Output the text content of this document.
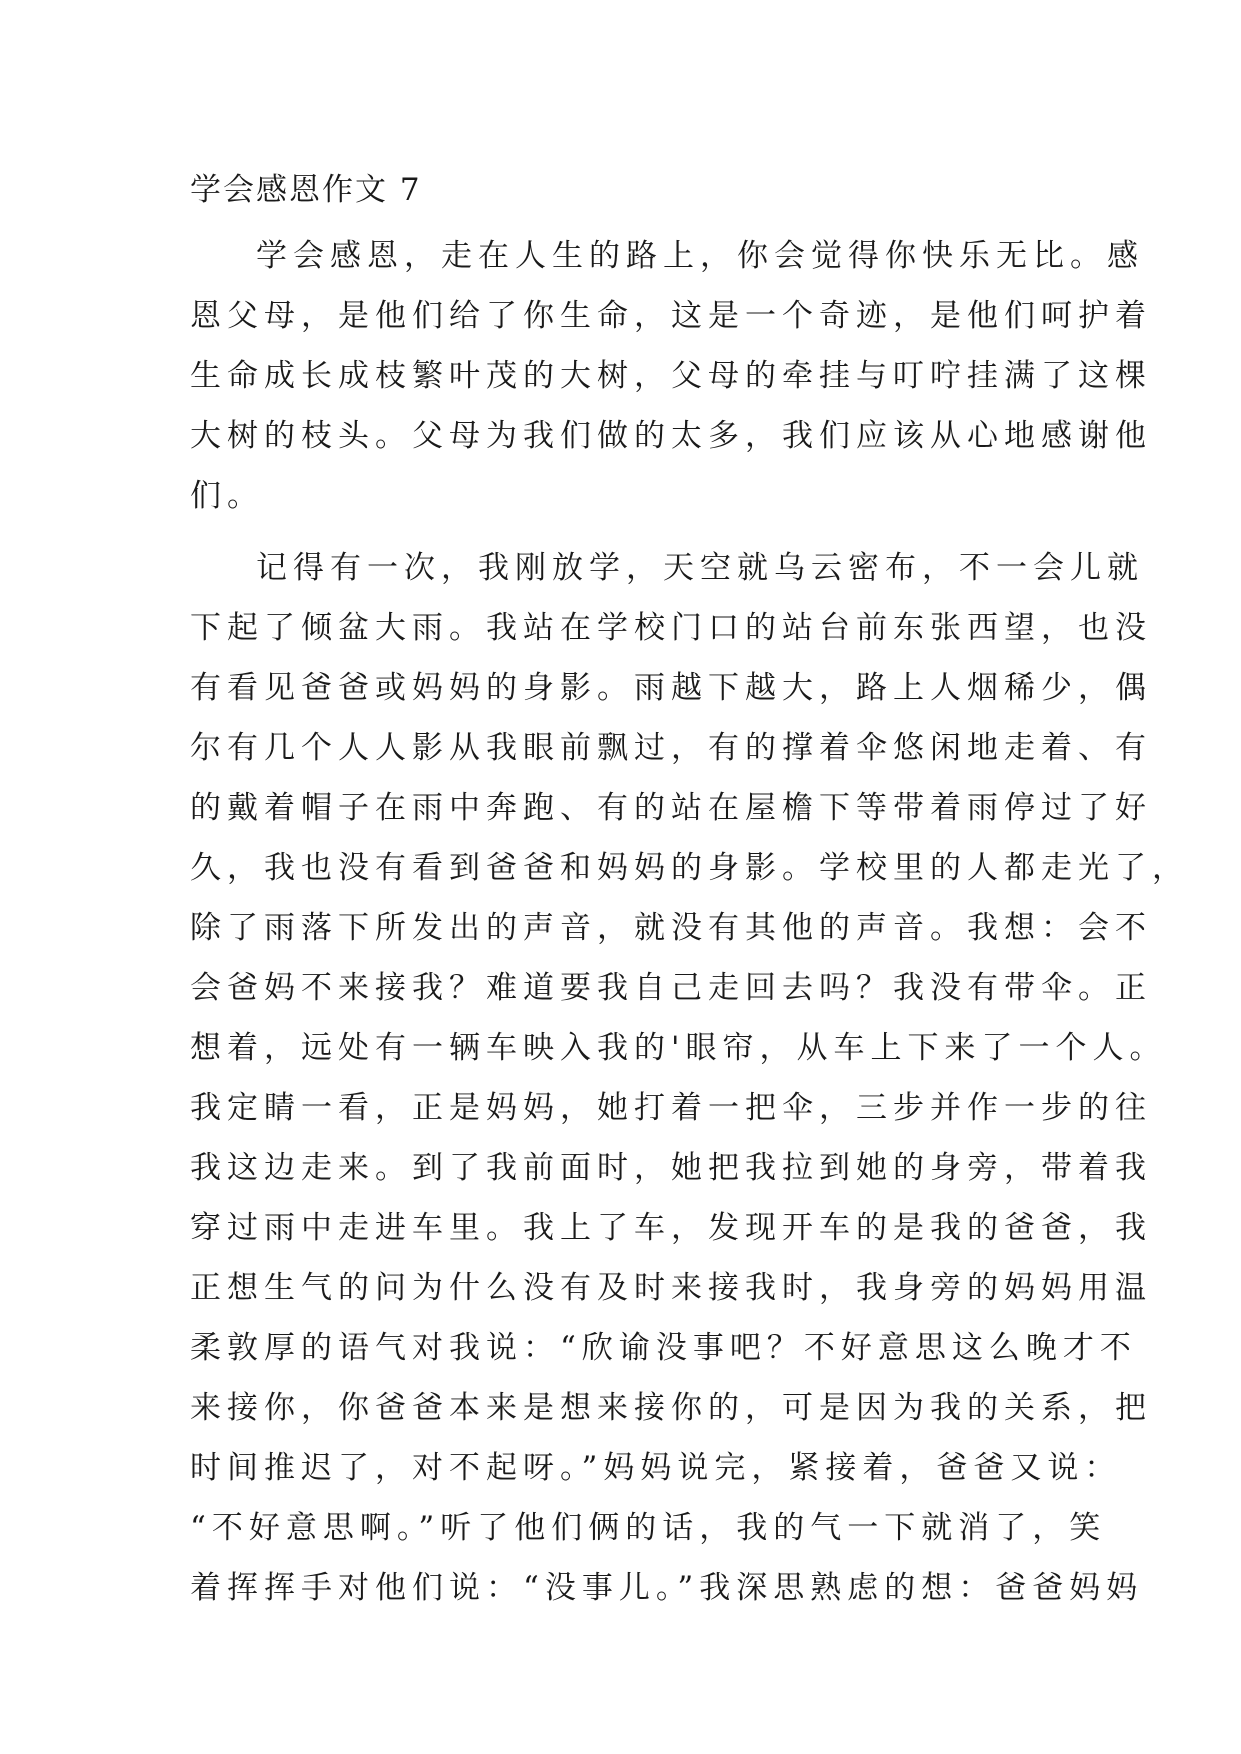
学会感恩作文 7
学会感恩，走在人生的路上，你会觉得你快乐无比。感
恩父母，是他们给了你生命，这是一个奇迹，是他们呵护着
生命成长成枝繁叶茂的大树，父母的牵挂与叮咛挂满了这棵
大树的枝头。父母为我们做的太多，我们应该从心地感谢他
们。
记得有一次，我刚放学，天空就乌云密布，不一会儿就
下起了倾盆大雨。我站在学校门口的站台前东张西望，也没
有看见爸爸或妈妈的身影。雨越下越大，路上人烟稀少，偶
尔有几个人人影从我眼前飘过，有的撑着伞悠闲地走着、有
的戴着帽子在雨中奔跑、有的站在屋檐下等带着雨停过了好
久，我也没有看到爸爸和妈妈的身影。学校里的人都走光了，
除了雨落下所发出的声音，就没有其他的声音。我想：会不
会爸妈不来接我？难道要我自己走回去吗？我没有带伞。正
想着，远处有一辆车映入我的'眼帘，从车上下来了一个人。
我定睛一看，正是妈妈，她打着一把伞，三步并作一步的往
我这边走来。到了我前面时，她把我拉到她的身旁，带着我
穿过雨中走进车里。我上了车，发现开车的是我的爸爸，我
正想生气的问为什么没有及时来接我时，我身旁的妈妈用温
柔敦厚的语气对我说：“欣谕没事吧？不好意思这么晚才不
来接你，你爸爸本来是想来接你的，可是因为我的关系，把
时间推迟了，对不起呀。”妈妈说完，紧接着，爸爸又说：
“不好意思啊。”听了他们俩的话，我的气一下就消了，笑
着挥挥手对他们说：“没事儿。”我深思熟虑的想：爸爸妈妈
